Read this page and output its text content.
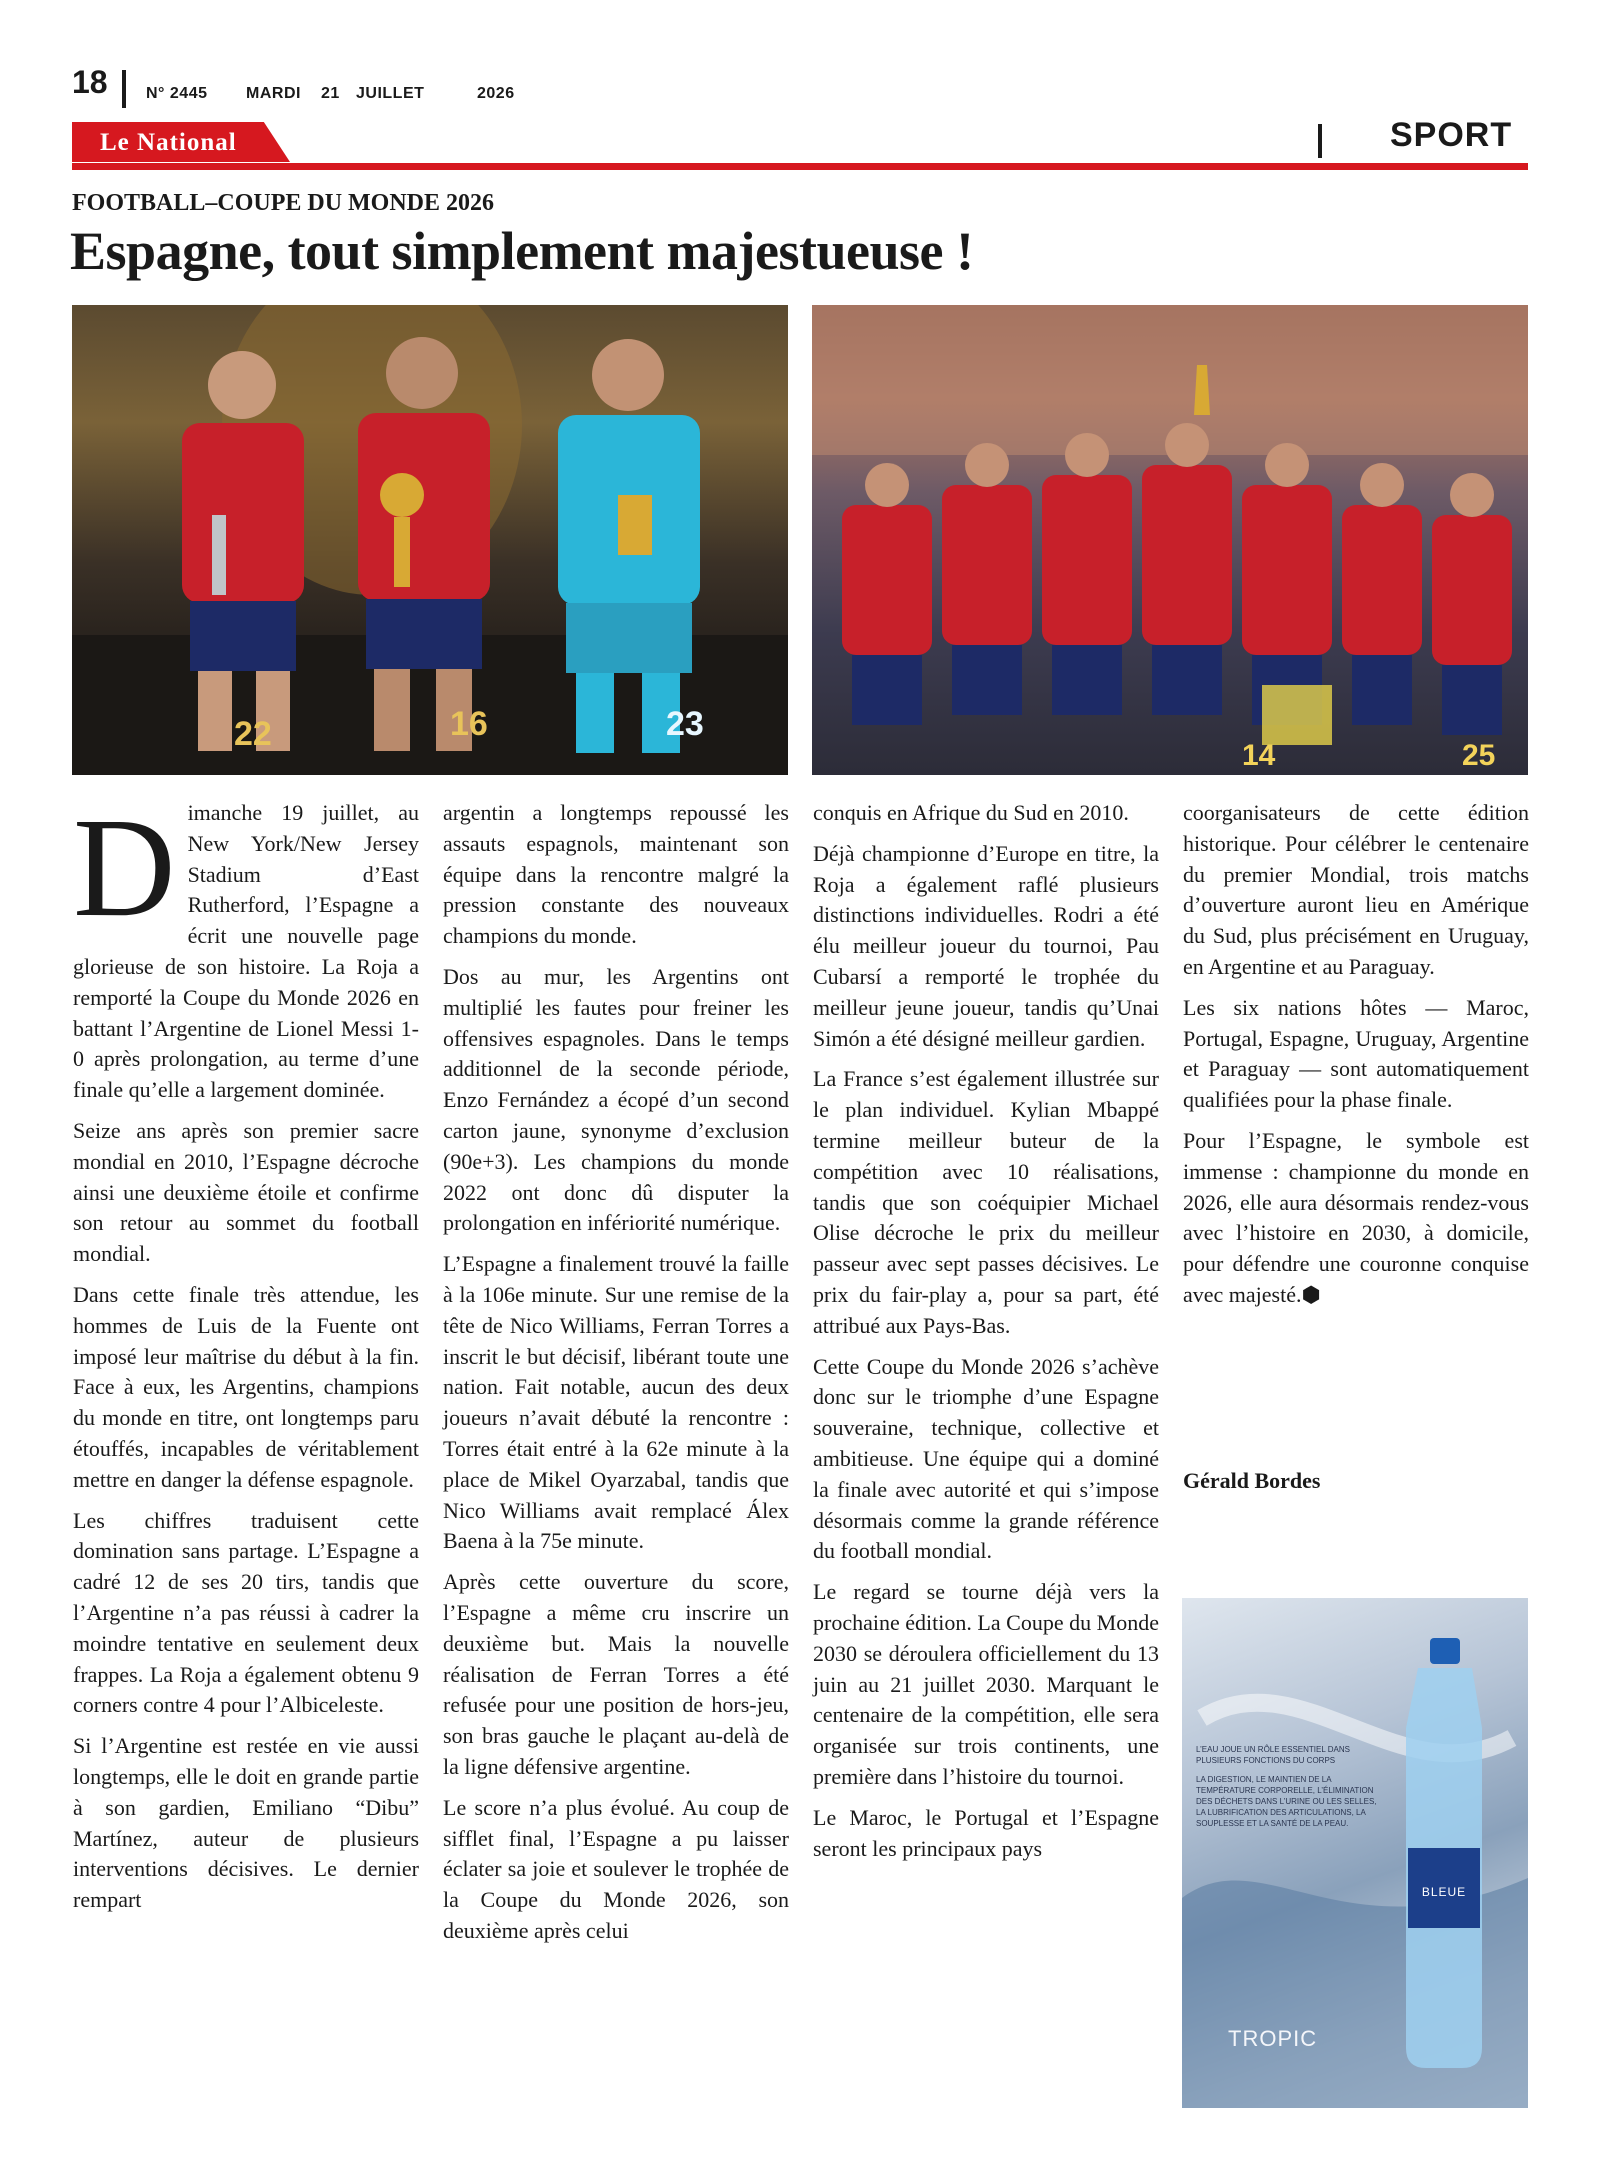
18 N° 2445 MARDI 21 JUILLET	2026
Le National	SPORT
FOOTBALL–COUPE DU MONDE 2026
Espagne, tout simplement majestueuse !
22	16	23
14	25

Dimanche 19 juillet, au New York/New Jersey Stadium d’East Rutherford, l’Espagne a écrit une nouvelle page glorieuse de son histoire. La Roja a remporté la Coupe du Monde 2026 en battant l’Argentine de Lionel Messi 1-0 après prolongation, au terme d’une finale qu’elle a largement dominée.

Seize ans après son premier sacre mondial en 2010, l’Espagne décroche ainsi une deuxième étoile et confirme son retour au sommet du football mondial.

Dans cette finale très attendue, les hommes de Luis de la Fuente ont imposé leur maîtrise du début à la fin. Face à eux, les Argentins, champions du monde en titre, ont longtemps paru étouffés, incapables de véritablement mettre en danger la défense espagnole.

Les chiffres traduisent cette domination sans partage. L’Espagne a cadré 12 de ses 20 tirs, tandis que l’Argentine n’a pas réussi à cadrer la moindre tentative en seulement deux frappes. La Roja a également obtenu 9 corners contre 4 pour l’Albiceleste.

Si l’Argentine est restée en vie aussi longtemps, elle le doit en grande partie à son gardien, Emiliano “Dibu” Martínez, auteur de plusieurs interventions décisives. Le dernier rempart

argentin a longtemps repoussé les assauts espagnols, maintenant son équipe dans la rencontre malgré la pression constante des nouveaux champions du monde.

Dos au mur, les Argentins ont multiplié les fautes pour freiner les offensives espagnoles. Dans le temps additionnel de la seconde période, Enzo Fernández a écopé d’un second carton jaune, synonyme d’exclusion (90e+3). Les champions du monde 2022 ont donc dû disputer la prolongation en infériorité numérique.

L’Espagne a finalement trouvé la faille à la 106e minute. Sur une remise de la tête de Nico Williams, Ferran Torres a inscrit le but décisif, libérant toute une nation. Fait notable, aucun des deux joueurs n’avait débuté la rencontre : Torres était entré à la 62e minute à la place de Mikel Oyarzabal, tandis que Nico Williams avait remplacé Álex Baena à la 75e minute.

Après cette ouverture du score, l’Espagne a même cru inscrire un deuxième but. Mais la nouvelle réalisation de Ferran Torres a été refusée pour une position de hors-jeu, son bras gauche le plaçant au-delà de la ligne défensive argentine.

Le score n’a plus évolué. Au coup de sifflet final, l’Espagne a pu laisser éclater sa joie et soulever le trophée de la Coupe du Monde 2026, son deuxième après celui

conquis en Afrique du Sud en 2010.

Déjà championne d’Europe en titre, la Roja a également raflé plusieurs distinctions individuelles. Rodri a été élu meilleur joueur du tournoi, Pau Cubarsí a remporté le trophée du meilleur jeune joueur, tandis qu’Unai Simón a été désigné meilleur gardien.

La France s’est également illustrée sur le plan individuel. Kylian Mbappé termine meilleur buteur de la compétition avec 10 réalisations, tandis que son coéquipier Michael Olise décroche le prix du meilleur passeur avec sept passes décisives. Le prix du fair-play a, pour sa part, été attribué aux Pays-Bas.

Cette Coupe du Monde 2026 s’achève donc sur le triomphe d’une Espagne souveraine, technique, collective et ambitieuse. Une équipe qui a dominé la finale avec autorité et qui s’impose désormais comme la grande référence du football mondial.

Le regard se tourne déjà vers la prochaine édition. La Coupe du Monde 2030 se déroulera officiellement du 13 juin au 21 juillet 2030. Marquant le centenaire de la compétition, elle sera organisée sur trois continents, une première dans l’histoire du tournoi.

Le Maroc, le Portugal et l’Espagne seront les principaux pays

coorganisateurs de cette édition historique. Pour célébrer le centenaire du premier Mondial, trois matchs d’ouverture auront lieu en Amérique du Sud, plus précisément en Uruguay, en Argentine et au Paraguay.

Les six nations hôtes — Maroc, Portugal, Espagne, Uruguay, Argentine et Paraguay — sont automatiquement qualifiées pour la phase finale.

Pour l’Espagne, le symbole est immense : championne du monde en 2026, elle aura désormais rendez-vous avec l’histoire en 2030, à domicile, pour défendre une couronne conquise avec majesté.⬢

Gérald Bordes
BLEUE
L’EAU JOUE UN RÔLE ESSENTIEL DANS PLUSIEURS FONCTIONS DU CORPS
LA DIGESTION, LE MAINTIEN DE LA TEMPÉRATURE CORPORELLE, L’ÉLIMINATION DES DÉCHETS DANS L’URINE OU LES SELLES, LA LUBRIFICATION DES ARTICULATIONS, LA SOUPLESSE ET LA SANTÉ DE LA PEAU.
TROPIC
